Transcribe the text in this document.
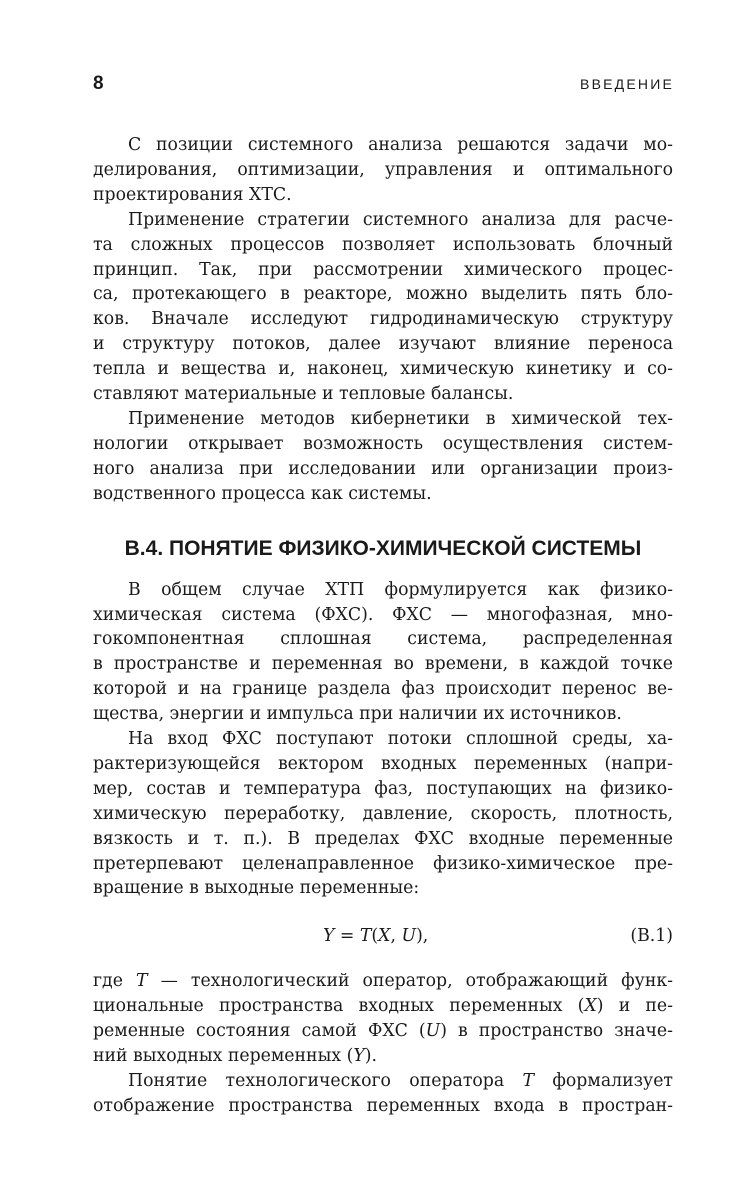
8	ВВЕДЕНИЕ
С позиции системного анализа решаются задачи мо-
делирования, оптимизации, управления и оптимального
проектирования ХТС.
Применение стратегии системного анализа для расче-
та сложных процессов позволяет использовать блочный
принцип. Так, при рассмотрении химического процес-
са, протекающего в реакторе, можно выделить пять бло-
ков. Вначале исследуют гидродинамическую структуру
и структуру потоков, далее изучают влияние переноса
тепла и вещества и, наконец, химическую кинетику и со-
ставляют материальные и тепловые балансы.
Применение методов кибернетики в химической тех-
нологии открывает возможность осуществления систем-
ного анализа при исследовании или организации произ-
водственного процесса как системы.
В.4. ПОНЯТИЕ ФИЗИКО-ХИМИЧЕСКОЙ СИСТЕМЫ
В общем случае ХТП формулируется как физико-
химическая система (ФХС). ФХС — многофазная, мно-
гокомпонентная сплошная система, распределенная
в пространстве и переменная во времени, в каждой точке
которой и на границе раздела фаз происходит перенос ве-
щества, энергии и импульса при наличии их источников.
На вход ФХС поступают потоки сплошной среды, ха-
рактеризующейся вектором входных переменных (напри-
мер, состав и температура фаз, поступающих на физико-
химическую переработку, давление, скорость, плотность,
вязкость и т. п.). В пределах ФХС входные переменные
претерпевают целенаправленное физико-химическое пре-
вращение в выходные переменные:
Y = T(X, U),	(В.1)
где T — технологический оператор, отображающий функ-
циональные пространства входных переменных (X) и пе-
ременные состояния самой ФХС (U) в пространство значе-
ний выходных переменных (Y).
Понятие технологического оператора T формализует
отображение пространства переменных входа в простран-
